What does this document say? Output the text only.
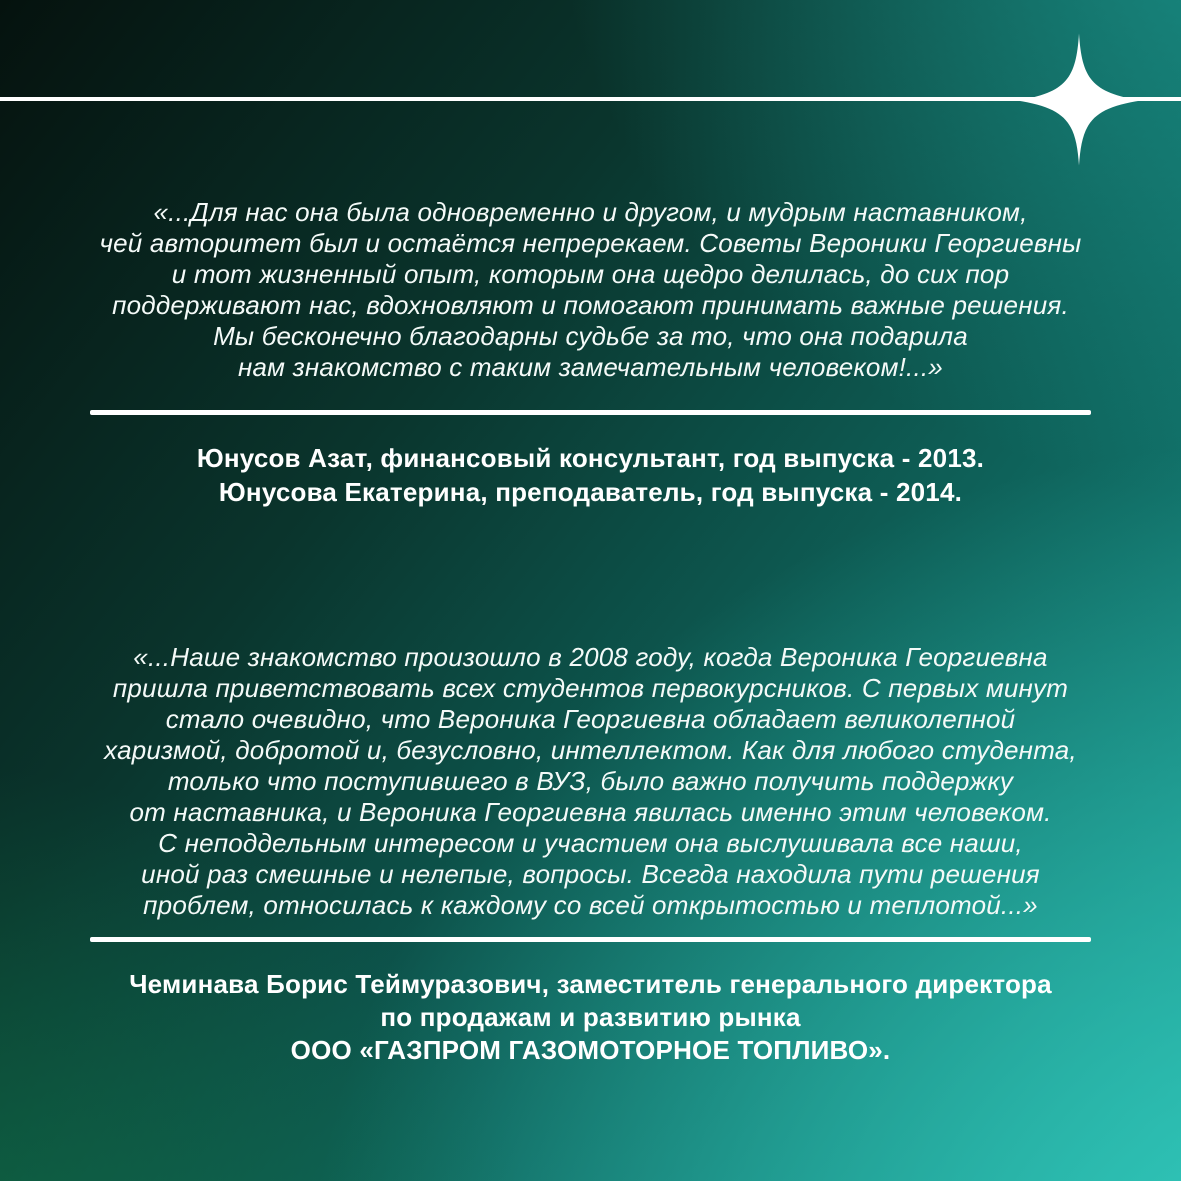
«...Для нас она была одновременно и другом, и мудрым наставником,
чей авторитет был и остаётся непререкаем. Советы Вероники Георгиевны
и тот жизненный опыт, которым она щедро делилась, до сих пор
поддерживают нас, вдохновляют и помогают принимать важные решения.
Мы бесконечно благодарны судьбе за то, что она подарила
нам знакомство с таким замечательным человеком!...»
Юнусов Азат, финансовый консультант, год выпуска - 2013.
Юнусова Екатерина, преподаватель, год выпуска - 2014.
«...Наше знакомство произошло в 2008 году, когда Вероника Георгиевна
пришла приветствовать всех студентов первокурсников. С первых минут
стало очевидно, что Вероника Георгиевна обладает великолепной
харизмой, добротой и, безусловно, интеллектом. Как для любого студента,
только что поступившего в ВУЗ, было важно получить поддержку
от наставника, и Вероника Георгиевна явилась именно этим человеком.
С неподдельным интересом и участием она выслушивала все наши,
иной раз смешные и нелепые, вопросы. Всегда находила пути решения
проблем, относилась к каждому со всей открытостью и теплотой...»
Чеминава Борис Теймуразович, заместитель генерального директора
по продажам и развитию рынка
ООО «ГАЗПРОМ ГАЗОМОТОРНОЕ ТОПЛИВО».
